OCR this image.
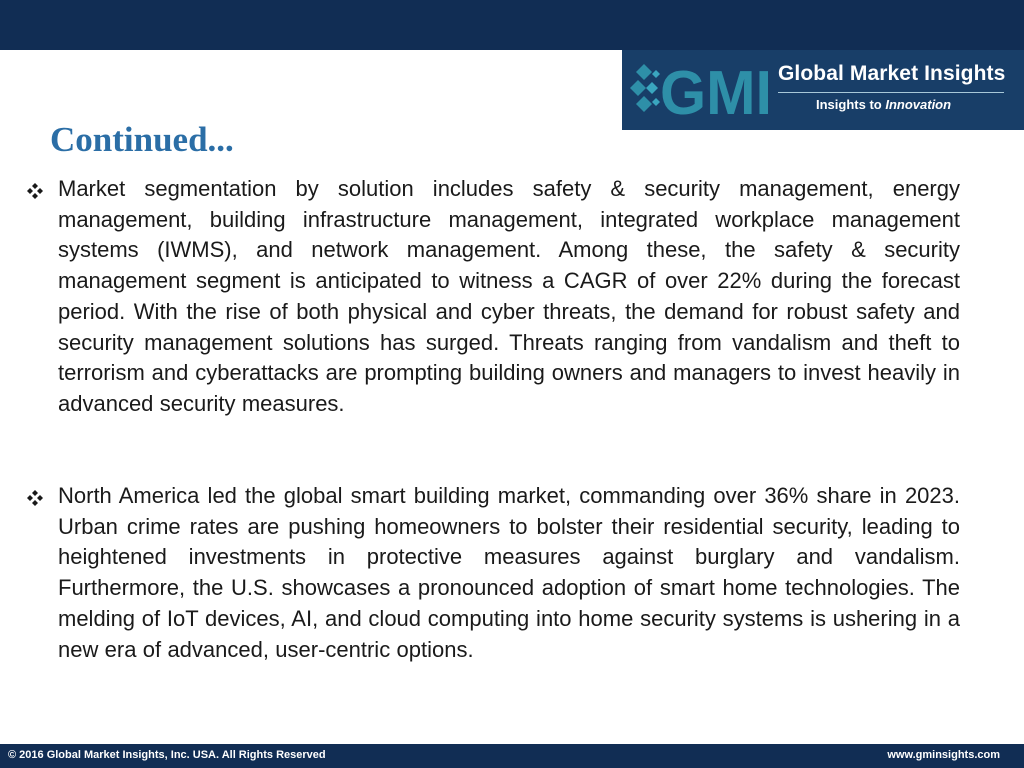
GMI Global Market Insights
Insights to Innovation
Continued...

Market segmentation by solution includes safety & security management, energy management, building infrastructure management, integrated workplace management systems (IWMS), and network management. Among these, the safety & security management segment is anticipated to witness a CAGR of over 22% during the forecast period. With the rise of both physical and cyber threats, the demand for robust safety and security management solutions has surged. Threats ranging from vandalism and theft to terrorism and cyberattacks are prompting building owners and managers to invest heavily in advanced security measures.

North America led the global smart building market, commanding over 36% share in 2023. Urban crime rates are pushing homeowners to bolster their residential security, leading to heightened investments in protective measures against burglary and vandalism. Furthermore, the U.S. showcases a pronounced adoption of smart home technologies. The melding of IoT devices, AI, and cloud computing into home security systems is ushering in a new era of advanced, user-centric options.

© 2016 Global Market Insights, Inc. USA. All Rights Reserved	www.gminsights.com
